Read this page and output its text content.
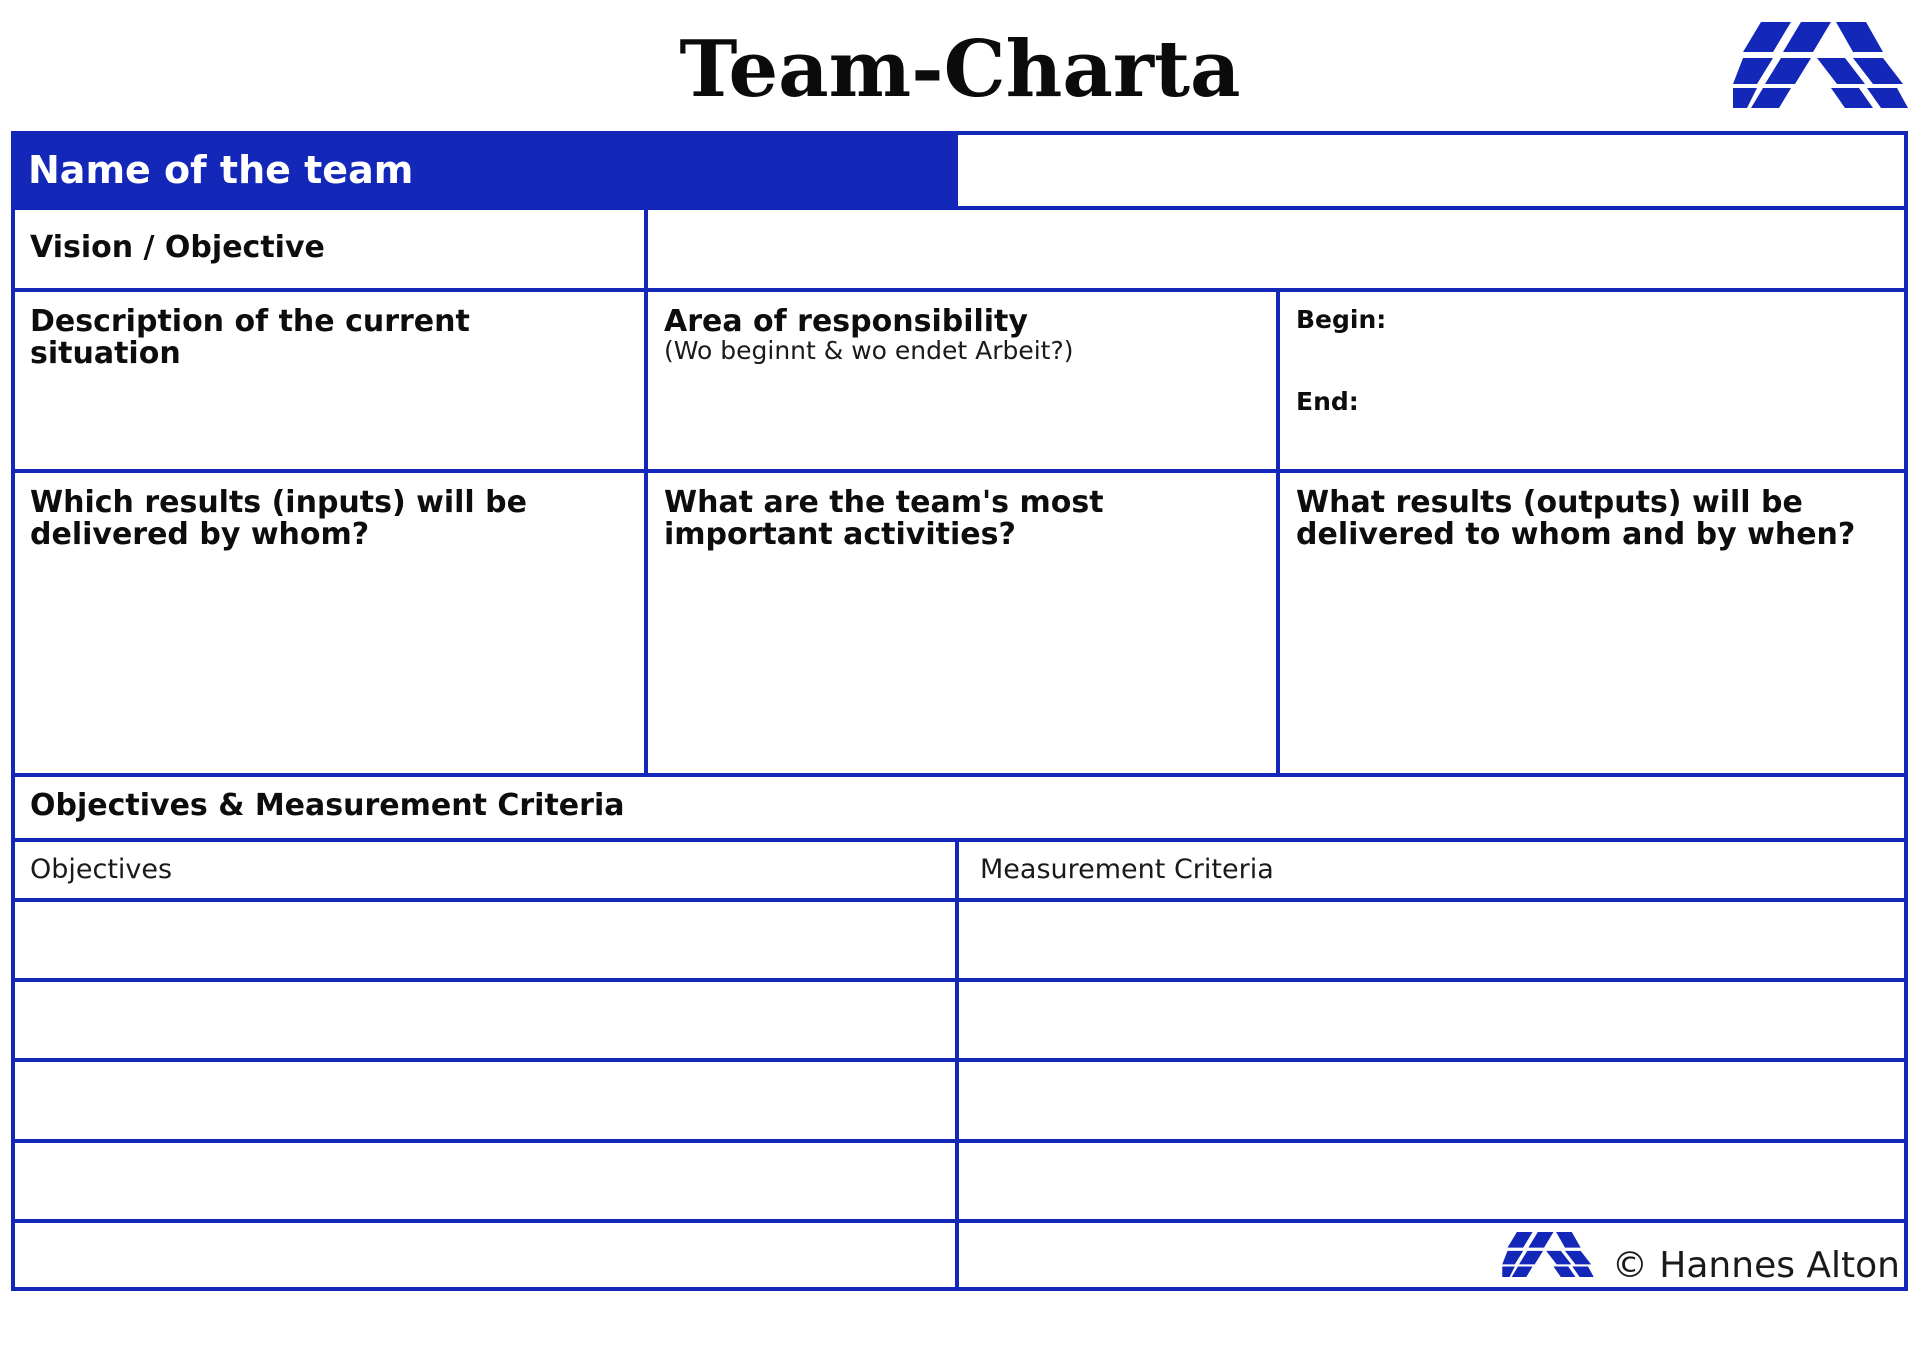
Team-Charta
Name of the team
Vision / Objective
Description of the current situation
Area of responsibility
(Wo beginnt & wo endet Arbeit?)
Begin:
End:
Which results (inputs) will be delivered by whom?
What are the team's most important activities?
What results (outputs) will be delivered to whom and by when?
Objectives & Measurement Criteria
Objectives	Measurement Criteria
© Hannes Alton
